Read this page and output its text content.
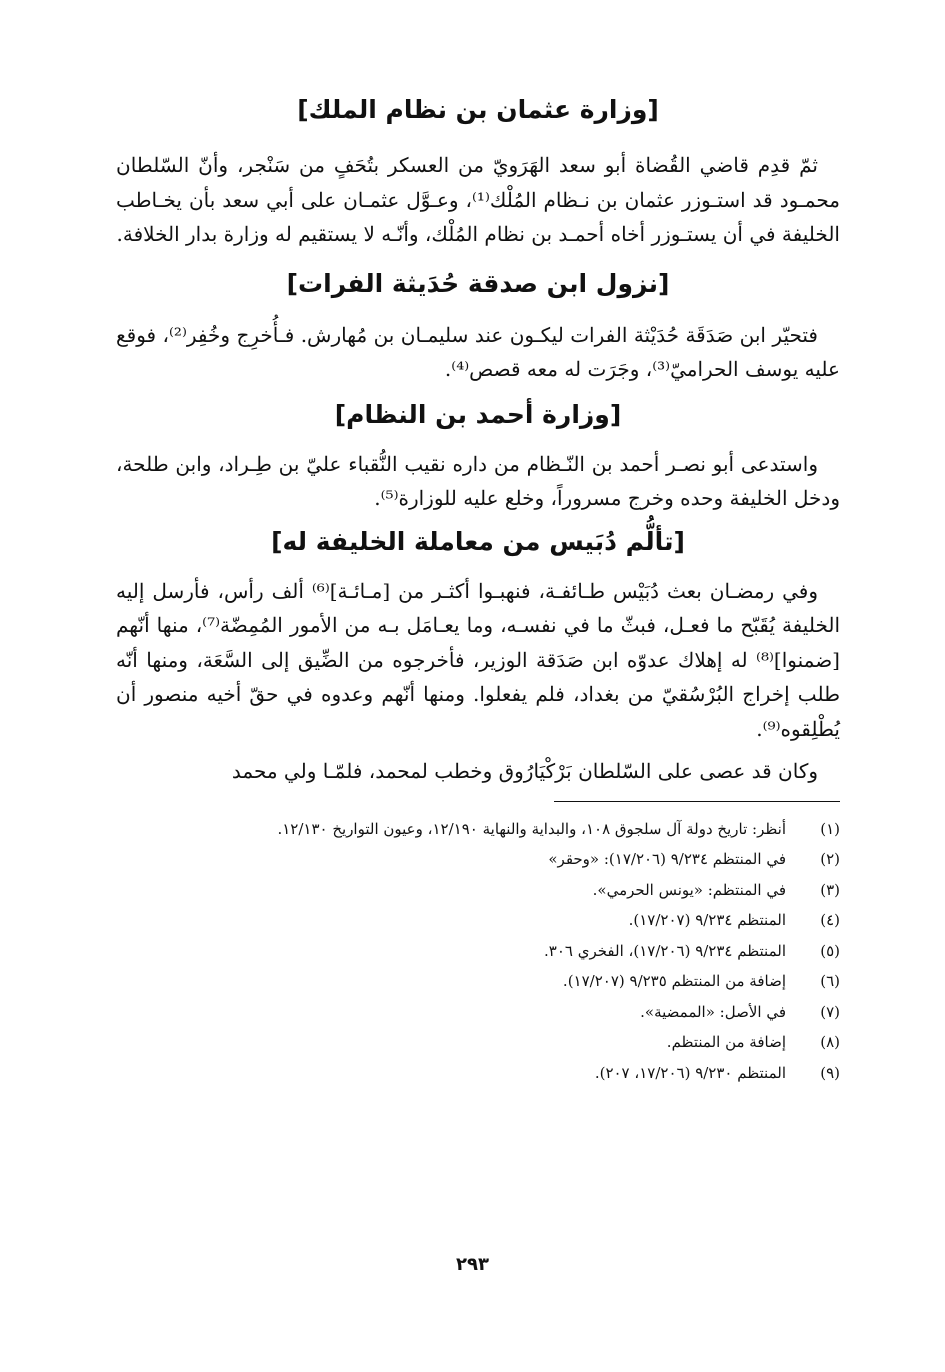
[وزارة عثمان بن نظام الملك]

ثمّ قدِم قاضي القُضاة أبو سعد الهَرَويّ من العسكر بتُحَفٍ من سَنْجر، وأنّ السّلطان محمـود قد استـوزر عثمان بن نـظام المُلْك⁽¹⁾، وعـوَّل عثمـان على أبي سعد بأن يخـاطب الخليفة في أن يستـوزر أخاه أحمـد بن نظام المُلْك، وأنّـه لا يستقيم له وزارة بدار الخلافة.

[نزول ابن صدقة حُدَيثة الفرات]

فتحيّر ابن صَدَقَة حُدَيْثة الفرات ليكـون عند سليمـان بن مُهارش. فـأُخرِج وخُفِر⁽²⁾، فوقع عليه يوسف الحراميّ⁽³⁾، وجَرَت له معه قصص⁽⁴⁾.

[وزارة أحمد بن النظام]

واستدعى أبو نصـر أحمد بن النّـظام من داره نقيب النُّقباء عليّ بن طِـراد، وابن طلحة، ودخل الخليفة وحده وخرج مسروراً، وخلع عليه للوزارة⁽⁵⁾.

[تألُّم دُبَيس من معاملة الخليفة له]

وفي رمضـان بعث دُبَيْس طـائفـة، فنهبـوا أكثـر من [مـائـة]⁽⁶⁾ ألف رأس، فأرسل إليه الخليفة يُقَبّح ما فعـل، فبثّ ما في نفسـه، وما يعـامَل بـه من الأمور المُمِضّة⁽⁷⁾، منها أنّهم [ضمنوا]⁽⁸⁾ له إهلاك عدوّه ابن صَدَقة الوزير، فأخرجوه من الضِّيق إلى السَّعَة، ومنها أنّه طلب إخراج البُرْسُقيّ من بغداد، فلم يفعلوا. ومنها أنّهم وعدوه في حقّ أخيه منصور أن يُطْلِقوه⁽⁹⁾.

وكان قد عصى على السّلطان بَرْكْيَارُوق وخطب لمحمد، فلمّـا ولي محمد

(١)
أنظر: تاريخ دولة آل سلجوق ١٠٨، والبداية والنهاية ١٢/١٩٠، وعيون التواريخ ١٢/١٣٠.
(٢)
في المنتظم ٩/٢٣٤ (١٧/٢٠٦): «وحقر»
(٣)
في المنتظم: «يونس الحرمي».
(٤)
المنتظم ٩/٢٣٤ (١٧/٢٠٧).
(٥)
المنتظم ٩/٢٣٤ (١٧/٢٠٦)، الفخري ٣٠٦.
(٦)
إضافة من المنتظم ٩/٢٣٥ (١٧/٢٠٧).
(٧)
في الأصل: «الممضية».
(٨)
إضافة من المنتظم.
(٩)
المنتظم ٩/٢٣٠ (١٧/٢٠٦، ٢٠٧).
٢٩٣
